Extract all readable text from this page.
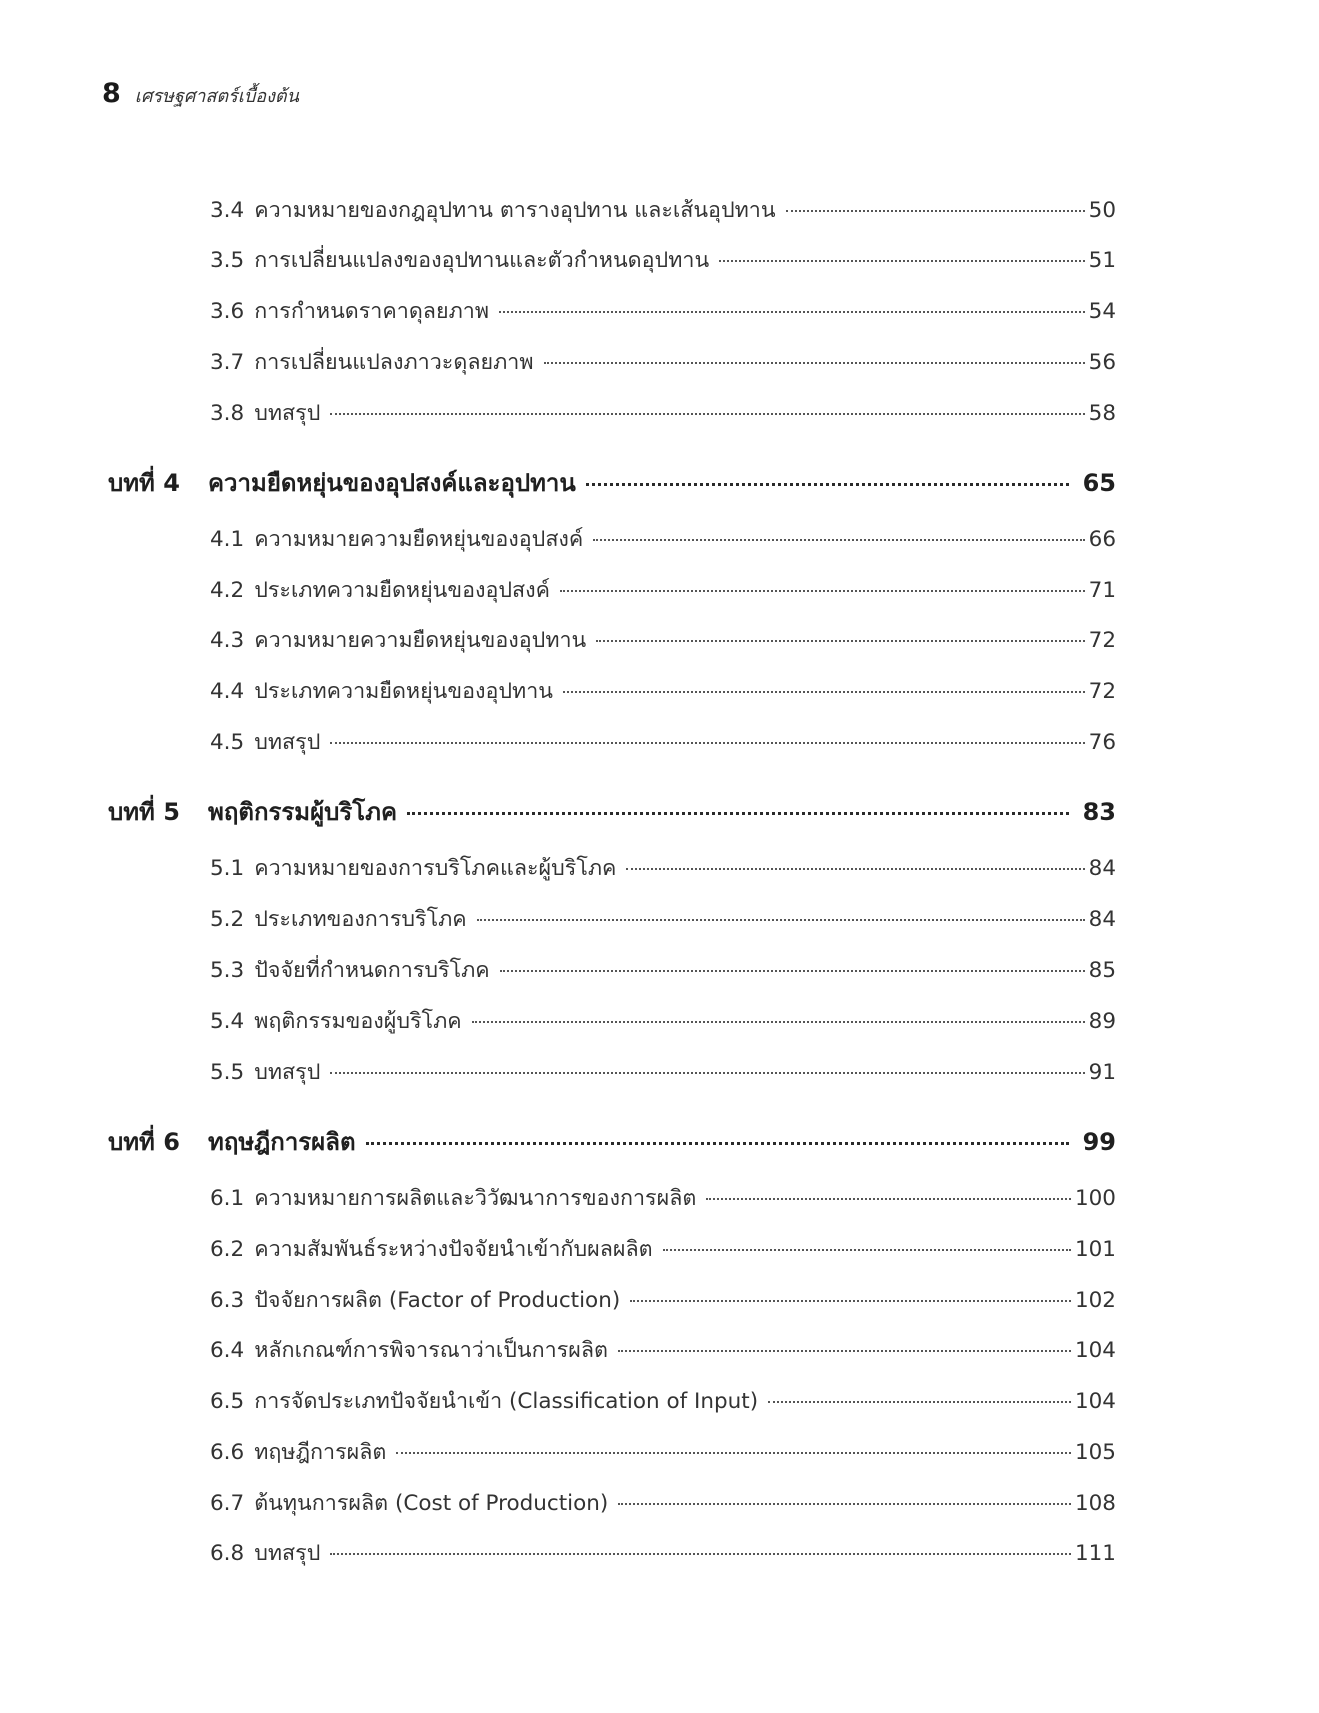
8 เศรษฐศาสตร์เบื้องต้น
3.4 ความหมายของกฎอุปทาน ตารางอุปทาน และเส้นอุปทาน	50
3.5 การเปลี่ยนแปลงของอุปทานและตัวกำหนดอุปทาน	51
3.6 การกำหนดราคาดุลยภาพ	54
3.7 การเปลี่ยนแปลงภาวะดุลยภาพ	56
3.8 บทสรุป	58
บทที่ 4	ความยืดหยุ่นของอุปสงค์และอุปทาน	65
4.1 ความหมายความยืดหยุ่นของอุปสงค์	66
4.2 ประเภทความยืดหยุ่นของอุปสงค์	71
4.3 ความหมายความยืดหยุ่นของอุปทาน	72
4.4 ประเภทความยืดหยุ่นของอุปทาน	72
4.5 บทสรุป	76
บทที่ 5	พฤติกรรมผู้บริโภค	83
5.1 ความหมายของการบริโภคและผู้บริโภค	84
5.2 ประเภทของการบริโภค	84
5.3 ปัจจัยที่กำหนดการบริโภค	85
5.4 พฤติกรรมของผู้บริโภค	89
5.5 บทสรุป	91
บทที่ 6	ทฤษฎีการผลิต	99
6.1 ความหมายการผลิตและวิวัฒนาการของการผลิต	100
6.2 ความสัมพันธ์ระหว่างปัจจัยนำเข้ากับผลผลิต	101
6.3 ปัจจัยการผลิต (Factor of Production)	102
6.4 หลักเกณฑ์การพิจารณาว่าเป็นการผลิต	104
6.5 การจัดประเภทปัจจัยนำเข้า (Classification of Input)	104
6.6 ทฤษฎีการผลิต	105
6.7 ต้นทุนการผลิต (Cost of Production)	108
6.8 บทสรุป	111
